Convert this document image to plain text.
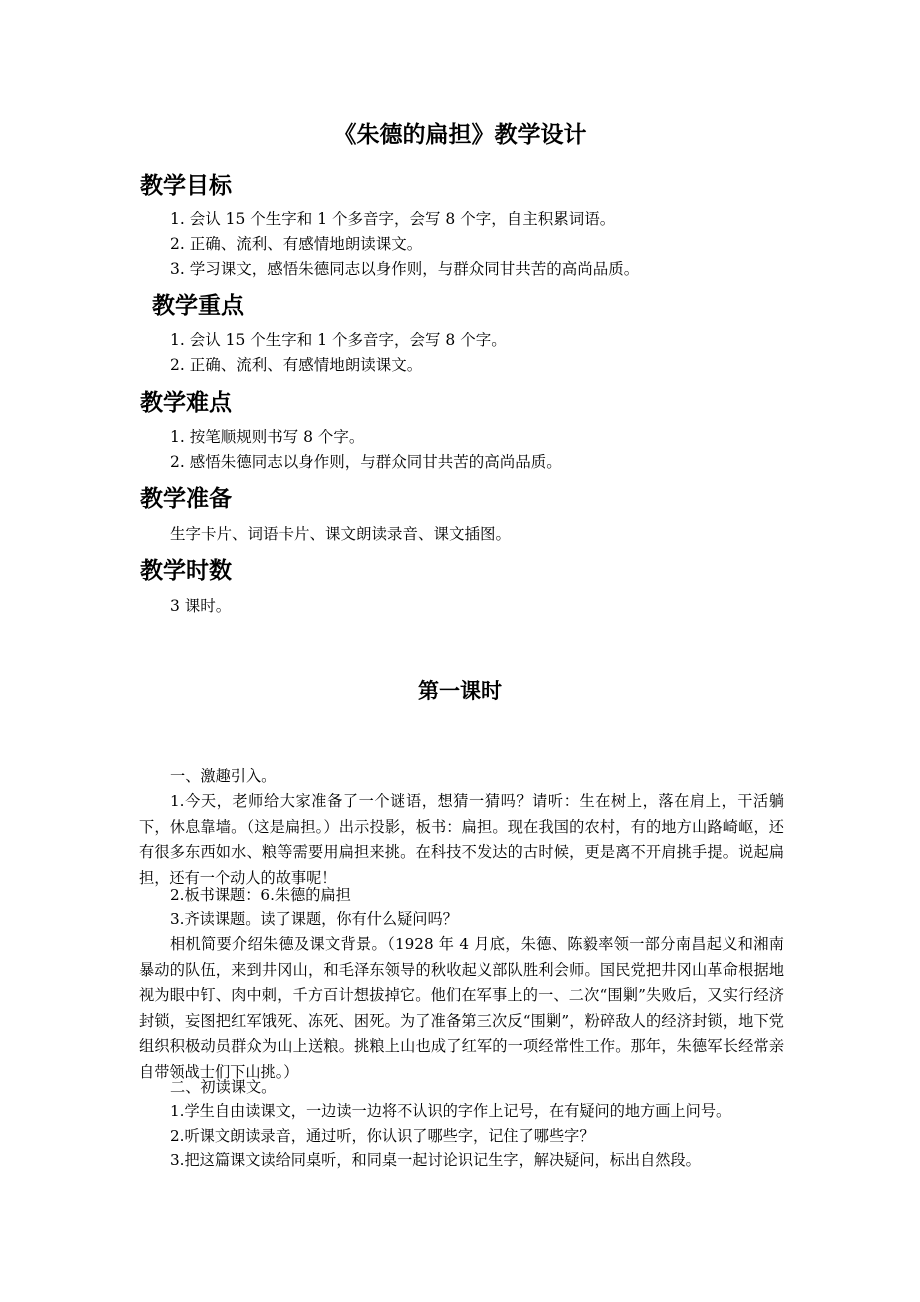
《朱德的扁担》教学设计
教学目标
1. 会认 15 个生字和 1 个多音字，会写 8 个字，自主积累词语。
2. 正确、流利、有感情地朗读课文。
3. 学习课文，感悟朱德同志以身作则，与群众同甘共苦的高尚品质。
教学重点
1. 会认 15 个生字和 1 个多音字，会写 8 个字。
2. 正确、流利、有感情地朗读课文。
教学难点
1. 按笔顺规则书写 8 个字。
2. 感悟朱德同志以身作则，与群众同甘共苦的高尚品质。
教学准备
生字卡片、词语卡片、课文朗读录音、课文插图。
教学时数
3 课时。
第一课时
一、激趣引入。
1.今天，老师给大家准备了一个谜语，想猜一猜吗？请听：生在树上，落在肩上，干活躺下，休息靠墙。（这是扁担。）出示投影，板书：扁担。现在我国的农村，有的地方山路崎岖，还有很多东西如水、粮等需要用扁担来挑。在科技不发达的古时候，更是离不开肩挑手提。说起扁担，还有一个动人的故事呢！
2.板书课题：6.朱德的扁担
3.齐读课题。读了课题，你有什么疑问吗？
相机简要介绍朱德及课文背景。（1928 年 4 月底，朱德、陈毅率领一部分南昌起义和湘南暴动的队伍，来到井冈山，和毛泽东领导的秋收起义部队胜利会师。国民党把井冈山革命根据地视为眼中钉、肉中刺，千方百计想拔掉它。他们在军事上的一、二次“围剿”失败后，又实行经济封锁，妄图把红军饿死、冻死、困死。为了准备第三次反“围剿”，粉碎敌人的经济封锁，地下党组织积极动员群众为山上送粮。挑粮上山也成了红军的一项经常性工作。那年，朱德军长经常亲自带领战士们下山挑。）
二、初读课文。
1.学生自由读课文，一边读一边将不认识的字作上记号，在有疑问的地方画上问号。
2.听课文朗读录音，通过听，你认识了哪些字，记住了哪些字？
3.把这篇课文读给同桌听，和同桌一起讨论识记生字，解决疑问，标出自然段。
